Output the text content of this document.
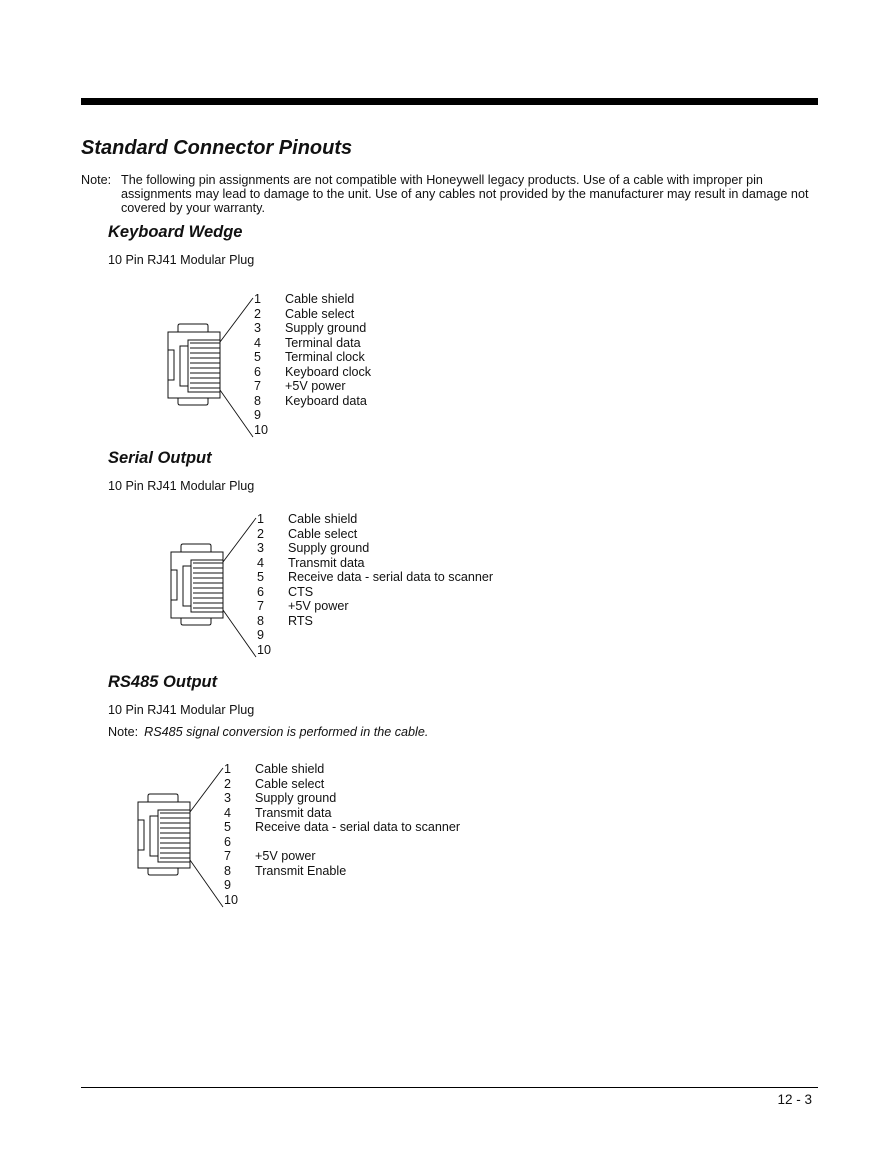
Standard Connector Pinouts
Note: The following pin assignments are not compatible with Honeywell legacy products. Use of a cable with improper pin assignments may lead to damage to the unit. Use of any cables not provided by the manufacturer may result in damage not covered by your warranty.
Keyboard Wedge
10 Pin RJ41 Modular Plug
1 Cable shield
2 Cable select
3 Supply ground
4 Terminal data
5 Terminal clock
6 Keyboard clock
7 +5V power
8 Keyboard data
9
10
Serial Output
10 Pin RJ41 Modular Plug
1 Cable shield
2 Cable select
3 Supply ground
4 Transmit data
5 Receive data - serial data to scanner
6 CTS
7 +5V power
8 RTS
9
10
RS485 Output
10 Pin RJ41 Modular Plug
Note: RS485 signal conversion is performed in the cable.
1 Cable shield
2 Cable select
3 Supply ground
4 Transmit data
5 Receive data - serial data to scanner
6
7 +5V power
8 Transmit Enable
9
10
12 - 3
